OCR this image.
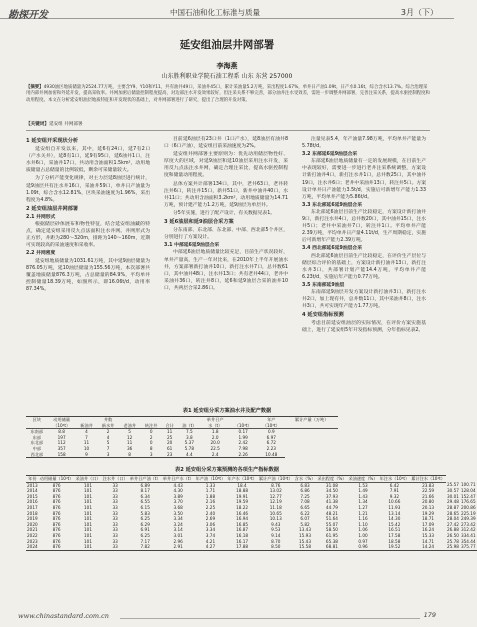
勘探开发	中国石油和化工标准与质量	3月（下）
延安组油层井网部署
李海燕
山东胜利职业学院石油工程系 山东 东营 257000
【摘要】4930油区地质储量为2524.77万吨，主要含Y9、Y10和Y11，共有油井49口，采油井45口，累计采油量5.2万吨，采出程度1.67%，单井日产油1.09t，日产水0.16t，综合含水13.7%。综合治理采用内部井网加密和外延开发，提高采收率。井网加密后储量控制程度提高，对边部注水开发效果较好，但注采关系不够完善，部分油井注水受效差，需进一步调整井网部署，完善注采关系，提高水驱控制程度和动用程度。本文在分析延安组油层地质特征和开发现状的基础上，对井网部署进行了研究，提出了合理的开发对策。
【关键词】延安组 井网部署
1 延安组开采现状分析

延安组自开发以来，其中，延6有24口，延7有2口（产水关井），延8有1口，延9有95口，延6油井1口，注水井6口，采油井17口，共动用含油面积1.5km²，动用地质储量占总储量的比例较低，剩余可采储量较大。

为了分析产能变化规律，对主力层延8油层进行统计，延9油层共有注水井16口，采油井59口，单井日产油量为1.09t，综合含水12.81%，区块采油速度为1.96%，采出程度为4.8%。

2 延安组油层井网部署
2.1 井网形式

根据储层砂体展布和物性特征，结合延安组油藏的特点，确定延安组采用反九点法面积注水井网。井网形式为正方形，井距为280～320m，排距为140～160m，近期可实现较高的采油速度和采收率。

2.2 井网密度

延安组地质储量为1031.61万吨，其中延9油层储量为876.05万吨，延10油层储量为155.56万吨，本次部署共覆盖地质储量876.3万吨，占总储量的84.9%，平均单井控制储量18.39万吨，如图所示，即16.06t/d，动用率87.34%。

目前延6油层有23口井（1口产水），延8油层有油井8口（6口产油），延安组目前采油速度为2%。

延安组井网部署主要原则为：优先动用储层物性好、厚度大的区域，对延9油层和延10油层采用注水开发，采用反九点法注水井网，确定合理注采比，提高水驱控制程度和储量动用程度。

总体方案共计部署134口，其中，老井63口，老井转注井6口，转注井15口，新井51口，新井中油井40口，水井11口；共动用含油面积3.2km²，动用地质储量为14.71万吨，预计建产能力1.2万吨，延9油层为单层井。

分5年实施，进行了配产设计，有关数据见表1。

3 延6油层和延9油层合采方案

分东南部、东北部、东北部、中部、西北部5个井区，分别进行了方案设计。

3.1 中部延6延9油层合采

中部延6油层地质储量比较充足，目前生产状况较好，单井产量高，生产一年对比来，在2010年上半年开展油水井，方案部署新打油井10口，新打注水井7口，总井数61口，其中油井48口，注水井13口；共有老井44口，老井中采油井36口，转注井8口，延6和延9油层合采的油井10口，共两层合采2.86口。

注量见表5.4，年产油量7.98万吨，平均单井产能量为5.78t/d。

3.2 东部延6延9油层合采

东部延6油层地质储量有一定的发展规模，在目前生产中表现较好，需要进一步进行老井注采系统调整，方案设计新打油井4口，新打注水井1口，总井数25口，其中油井19口，注水井6口；老井中采油井13口，转注井5口。方案设计单井日产油能力3.5t/d，实施后可新增年产能力1.33万吨，平均单井产能为5.86t/d。

3.3 东北部延6延9油层合采

东北部延6油层目前生产比较稳定，方案设计新打油井9口，新打注水井4口，总井数20口，其中油井15口，注水井5口；老井中采油井7口，转注井1口。平均单井产能2.39万吨，平均单井日产量4.11t/d，生产周期稳定，实施后可新增年产能力2.39万吨。

3.4 西北部延6延9油层合采

西北部延6油层目前生产比较稳定，在评价生产层位与储层综合评价的基础上，方案设计新打油井13口，新打注水井3口，共部署计划产能14.4万吨，平均单井产能6.23t/d，实施后年产能力0.77万吨。

3.5 东南部延9油层

东南部延9油层开发方案设计新打油井3口，新打注水井2口，加上现有井，总井数11口，其中采油井8口，注水井3口，共可实现年产能力1.77万吨。

4 延安组指标预测

考虑目前延安组油层的实际情况，在评价方案实施基础上，进行了延安组5年开发指标预测，分年指标见表2。

表1 延安组分采方案油水井及配产数据
区块	动用储量		井数					单井日产		年产	累计产量（万吨）
	（10⁴t）	新油井	新水井	老油井	转注井	合计	油（t）	水（t）	（10⁴t）	（10⁴t）	
东南部	8.8	4	2	5	0	11	7.5	1.8	0.17	0.9	
东部	197	7	4	12	2	25	3.8	2.0	1.99	6.97	
东北部	112	11	5	11	0	20	5.37	20.0	2.42	6.72	
中部	357	10	7	36	8	61	5.78	22.5	7.98	2.23	
西北部	158	9	3	8	3	23	4.4	2.4	2.26	10.48	
表2 延安组分采方案预测的各项生产指标数据
年份	动用储量（10⁴t）	采油井（口）	注水井（口）	单井日产油（t）	单井日产水（t）	年产油（10⁴t）	年产水（10⁴t）	累计产油（10⁴t）	含水（%）	采出程度（%）	采油速度（%）	年注水（10⁴t）	累计注水（10⁴t）		
2013	876	101	33	6.89	4.43	1.33	18.4	8.76	6.83	31.08	1.53	6.42	23.83	25.57	100.71
2014	876	101	33	8.17	4.30	1.71	18.88	13.02	6.86	34.50	1.49	7.91	22.59	30.57	128.04
2015	876	101	33	6.34	3.89	1.88	19.91	12.77	7.25	37.93	1.43	9.32	21.66	30.01	152.47
2016	876	101	33	6.55	3.70	2.16	19.59	12.19	7.08	41.38	1.34	10.66	20.80	29.48	176.65
2017	876	101	33	6.15	3.68	2.25	18.22	11.18	6.65	44.79	1.27	11.93	20.13	28.87	200.86
2018	876	101	33	5.83	3.50	2.40	16.46	10.65	6.22	48.21	1.21	13.14	19.29	28.65	225.19
2019	876	101	33	6.25	3.34	2.69	16.94	10.13	6.07	51.64	1.16	14.30	18.71	28.04	249.39
2020	876	101	33	6.29	3.24	3.06	16.85	9.43	5.82	55.07	1.10	15.42	17.09	27.42	273.42
2021	876	101	33	6.91	3.14	3.34	16.87	9.53	13.43	58.50	1.06	16.51	16.24	26.88	312.42
2022	876	101	33	6.25	3.01	3.74	16.18	9.14	15.93	61.95	1.00	17.58	15.33	26.50	334.41
2023	876	101	33	7.17	2.96	4.21	16.17	8.70	15.43	65.38	0.97	18.58	14.71	25.78	354.44
2024	876	101	33	7.82	2.91	4.27	17.88	8.50	15.58	68.81	0.96	19.52	14.24	25.98	375.77
www.chinastandard.com.cn	179
